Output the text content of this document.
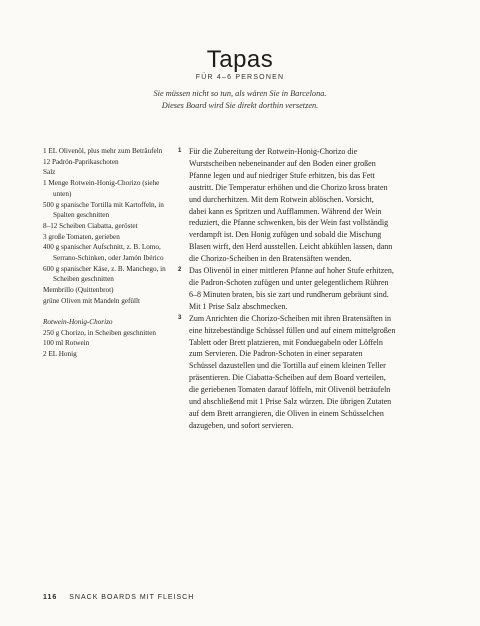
Tapas
FÜR 4–6 PERSONEN
Sie müssen nicht so tun, als wären Sie in Barcelona.
Dieses Board wird Sie direkt dorthin versetzen.
1 EL Olivenöl, plus mehr zum Beträufeln
12 Padrón-Paprikaschoten
Salz
1 Menge Rotwein-Honig-Chorizo (siehe unten)
500 g spanische Tortilla mit Kartoffeln, in Spalten geschnitten
8–12 Scheiben Ciabatta, geröstet
3 große Tomaten, gerieben
400 g spanischer Aufschnitt, z. B. Lomo, Serrano-Schinken, oder Jamón Ibérico
600 g spanischer Käse, z. B. Manchego, in Scheiben geschnitten
Membrillo (Quittenbrot)
grüne Oliven mit Mandeln gefüllt
Rotwein-Honig-Chorizo
250 g Chorizo, in Scheiben geschnitten
100 ml Rotwein
2 EL Honig
1 Für die Zubereitung der Rotwein-Honig-Chorizo die
Wurstscheiben nebeneinander auf den Boden einer großen
Pfanne legen und auf niedriger Stufe erhitzen, bis das Fett
austritt. Die Temperatur erhöhen und die Chorizo kross braten
und durcherhitzen. Mit dem Rotwein ablöschen. Vorsicht,
dabei kann es Spritzen und Aufflammen. Während der Wein
reduziert, die Pfanne schwenken, bis der Wein fast vollständig
verdampft ist. Den Honig zufügen und sobald die Mischung
Blasen wirft, den Herd ausstellen. Leicht abkühlen lassen, dann
die Chorizo-Scheiben in den Bratensäften wenden.
2 Das Olivenöl in einer mittleren Pfanne auf hoher Stufe erhitzen,
die Padron-Schoten zufügen und unter gelegentlichem Rühren
6–8 Minuten braten, bis sie zart und rundherum gebräunt sind.
Mit 1 Prise Salz abschmecken.
3 Zum Anrichten die Chorizo-Scheiben mit ihren Bratensäften in
eine hitzebeständige Schüssel füllen und auf einem mittelgroßen
Tablett oder Brett platzieren, mit Fonduegabeln oder Löffeln
zum Servieren. Die Padron-Schoten in einer separaten
Schüssel dazustellen und die Tortilla auf einem kleinen Teller
präsentieren. Die Ciabatta-Scheiben auf dem Board verteilen,
die geriebenen Tomaten darauf löffeln, mit Olivenöl beträufeln
und abschließend mit 1 Prise Salz würzen. Die übrigen Zutaten
auf dem Brett arrangieren, die Oliven in einem Schüsselchen
dazugeben, und sofort servieren.
116 SNACK BOARDS MIT FLEISCH
